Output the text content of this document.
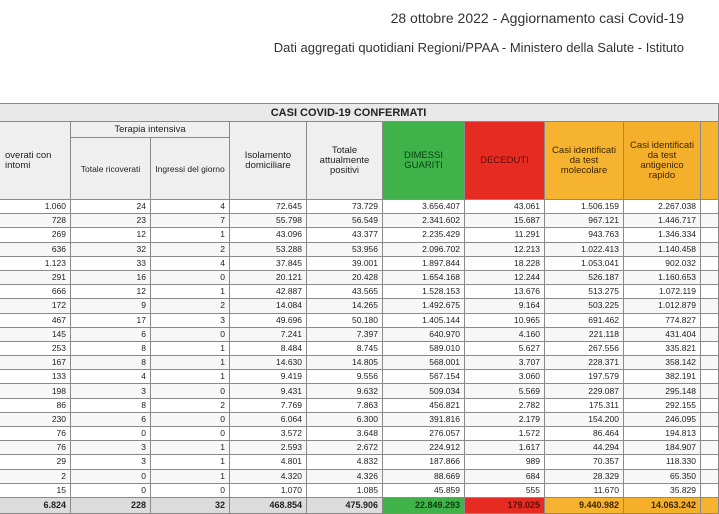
28 ottobre 2022 - Aggiornamento casi Covid-19
Dati aggregati quotidiani Regioni/PPAA - Ministero della Salute - Istituto
CASI COVID-19 CONFERMATI									
overati con
intomi	Terapia intensiva		Isolamento domiciliare	Totale attualmente positivi	DIMESSI GUARITI	DECEDUTI	Casi identificati da test molecolare	Casi identificati da test antigenico rapido	
	Totale ricoverati	Ingressi del giorno							
1.060	24	4	72.645	73.729	3.656.407	43.061	1.506.159	2.267.038	
728	23	7	55.798	56.549	2.341.602	15.687	967.121	1.446.717	
269	12	1	43.096	43.377	2.235.429	11.291	943.763	1.346.334	
636	32	2	53.288	53.956	2.096.702	12.213	1.022.413	1.140.458	
1.123	33	4	37.845	39.001	1.897.844	18.228	1.053.041	902.032	
291	16	0	20.121	20.428	1.654.168	12.244	526.187	1.160.653	
666	12	1	42.887	43.565	1.528.153	13.676	513.275	1.072.119	
172	9	2	14.084	14.265	1.492.675	9.164	503.225	1.012.879	
467	17	3	49.696	50.180	1.405.144	10.965	691.462	774.827	
145	6	0	7.241	7.397	640.970	4.160	221.118	431.404	
253	8	1	8.484	8.745	589.010	5.627	267.556	335.821	
167	8	1	14.630	14.805	568.001	3.707	228.371	358.142	
133	4	1	9.419	9.556	567.154	3.060	197.579	382.191	
198	3	0	9.431	9.632	509.034	5.569	229.087	295.148	
86	8	2	7.769	7.863	456.821	2.782	175.311	292.155	
230	6	0	6.064	6.300	391.816	2.179	154.200	246.095	
76	0	0	3.572	3.648	276.057	1.572	86.464	194.813	
76	3	1	2.593	2.672	224.912	1.617	44.294	184.907	
29	3	1	4.801	4.832	187.866	989	70.357	118.330	
2	0	1	4.320	4.326	88.669	684	28.329	65.350	
15	0	0	1.070	1.085	45.859	555	11.670	35.829	
6.824	228	32	468.854	475.906	22.849.293	179.025	9.440.982	14.063.242	
